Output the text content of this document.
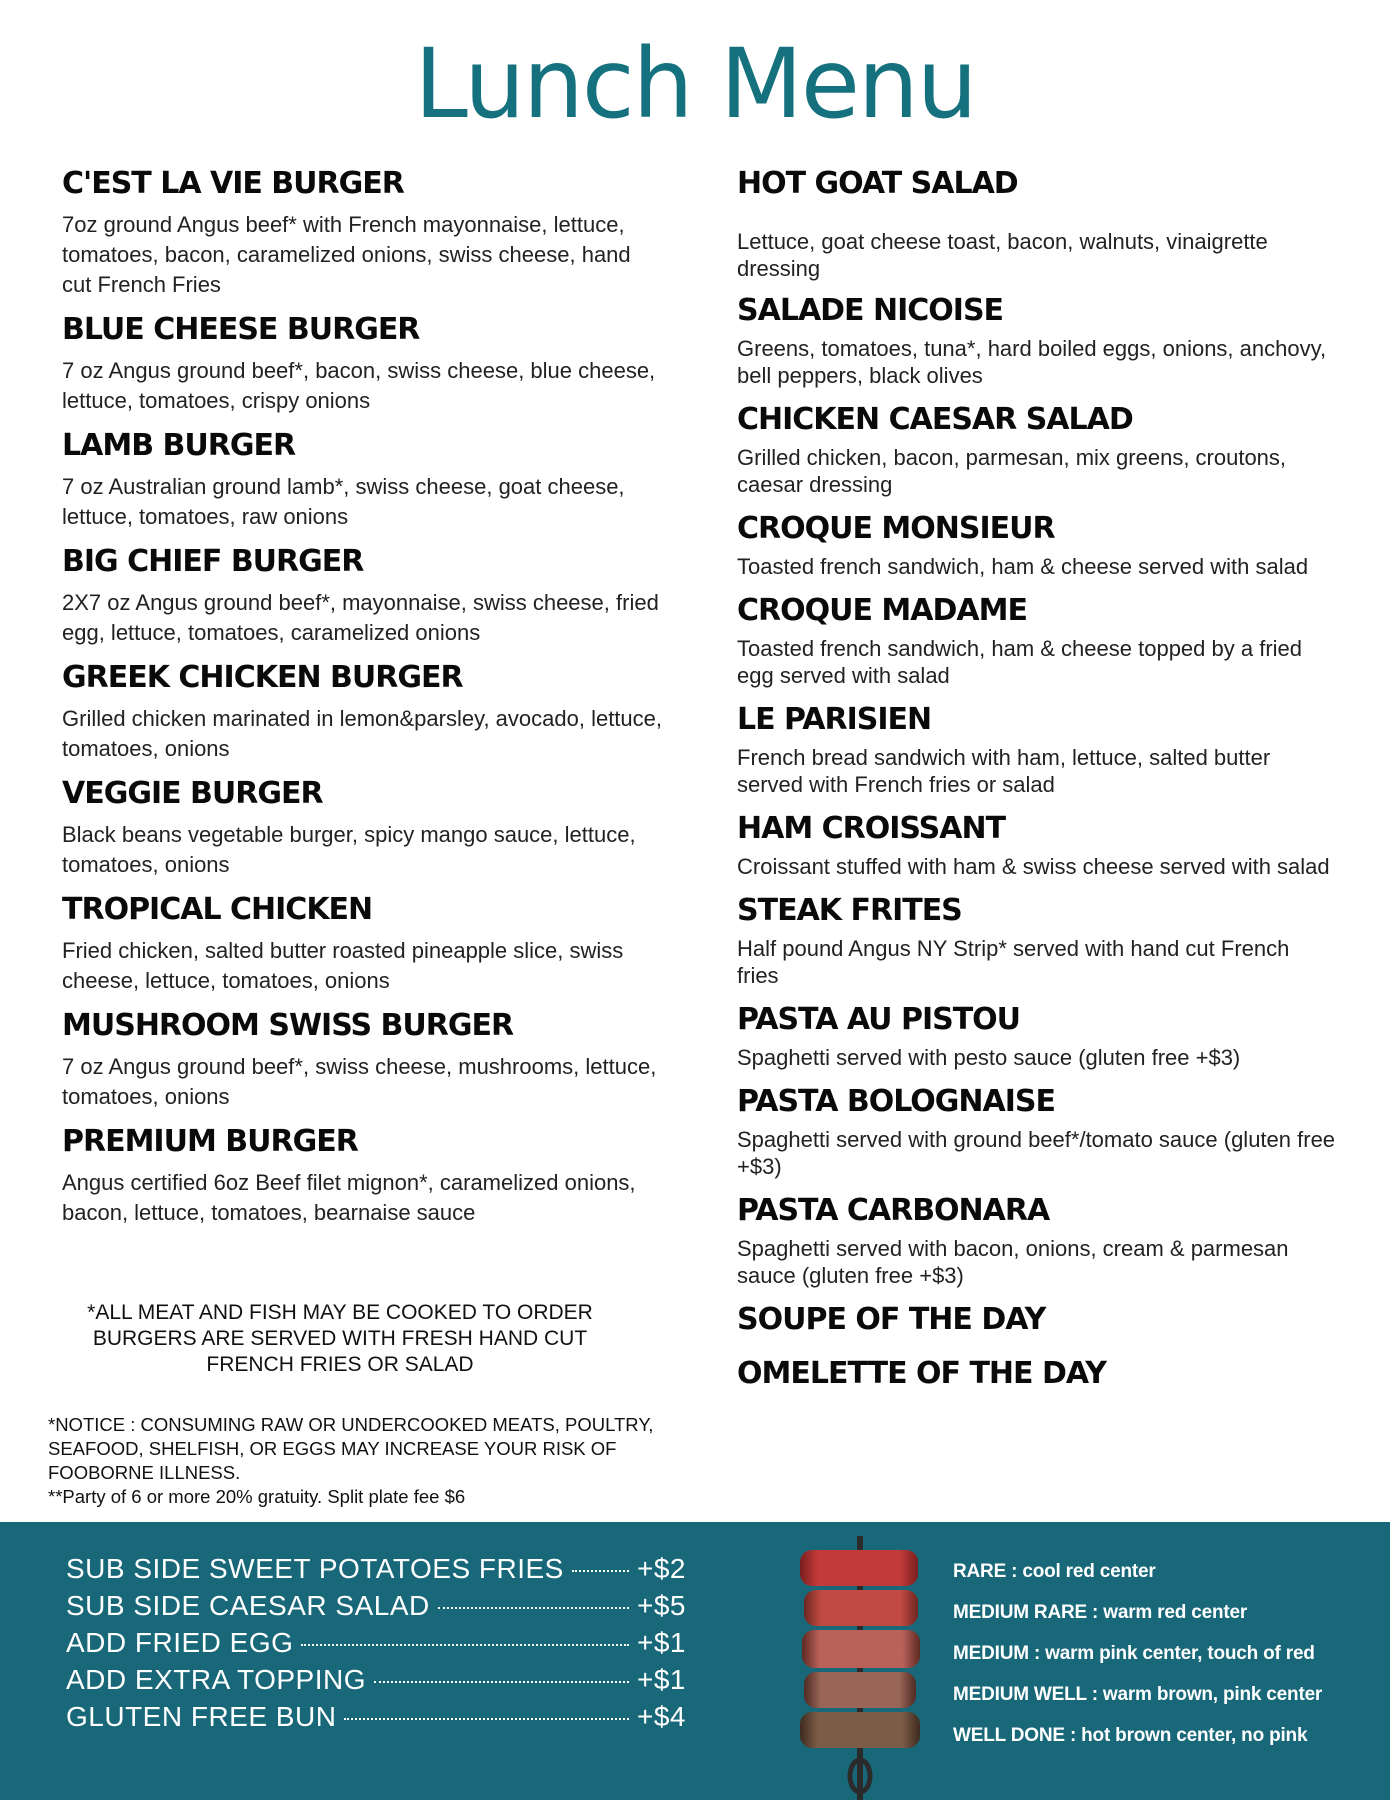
Lunch Menu

C'EST LA VIE BURGER

7oz ground Angus beef* with French mayonnaise, lettuce, tomatoes, bacon, caramelized onions, swiss cheese, hand cut French Fries

BLUE CHEESE BURGER

7 oz Angus ground beef*, bacon, swiss cheese, blue cheese, lettuce, tomatoes, crispy onions

LAMB BURGER

7 oz Australian ground lamb*, swiss cheese, goat cheese, lettuce, tomatoes, raw onions

BIG CHIEF BURGER

2X7 oz Angus ground beef*, mayonnaise, swiss cheese, fried egg, lettuce, tomatoes, caramelized onions

GREEK CHICKEN BURGER

Grilled chicken marinated in lemon&parsley, avocado, lettuce, tomatoes, onions

VEGGIE BURGER

Black beans vegetable burger, spicy mango sauce, lettuce, tomatoes, onions

TROPICAL CHICKEN

Fried chicken, salted butter roasted pineapple slice, swiss cheese, lettuce, tomatoes, onions

MUSHROOM SWISS BURGER

7 oz Angus ground beef*, swiss cheese, mushrooms, lettuce, tomatoes, onions

PREMIUM BURGER

Angus certified 6oz Beef filet mignon*, caramelized onions, bacon, lettuce, tomatoes, bearnaise sauce

HOT GOAT SALAD

Lettuce, goat cheese toast, bacon, walnuts, vinaigrette dressing

SALADE NICOISE

Greens, tomatoes, tuna*, hard boiled eggs, onions, anchovy, bell peppers, black olives

CHICKEN CAESAR SALAD

Grilled chicken, bacon, parmesan, mix greens, croutons, caesar dressing

CROQUE MONSIEUR

Toasted french sandwich, ham & cheese served with salad

CROQUE MADAME

Toasted french sandwich, ham & cheese topped by a fried egg served with salad

LE PARISIEN

French bread sandwich with ham, lettuce, salted butter served with French fries or salad

HAM CROISSANT

Croissant stuffed with ham & swiss cheese served with salad

STEAK FRITES

Half pound Angus NY Strip* served with hand cut French fries

PASTA AU PISTOU

Spaghetti served with pesto sauce (gluten free +$3)

PASTA BOLOGNAISE

Spaghetti served with ground beef*/tomato sauce (gluten free +$3)

PASTA CARBONARA

Spaghetti served with bacon, onions, cream & parmesan sauce (gluten free +$3)

SOUPE OF THE DAY

OMELETTE OF THE DAY

*ALL MEAT AND FISH MAY BE COOKED TO ORDER
BURGERS ARE SERVED WITH FRESH HAND CUT
FRENCH FRIES OR SALAD
*NOTICE : CONSUMING RAW OR UNDERCOOKED MEATS, POULTRY, SEAFOOD, SHELFISH, OR EGGS MAY INCREASE YOUR RISK OF FOOBORNE ILLNESS.
**Party of 6 or more 20% gratuity. Split plate fee $6
SUB SIDE SWEET POTATOES FRIES	+$2
SUB SIDE CAESAR SALAD	+$5
ADD FRIED EGG	+$1
ADD EXTRA TOPPING	+$1
GLUTEN FREE BUN	+$4
RARE : cool red center
MEDIUM RARE : warm red center
MEDIUM : warm pink center, touch of red
MEDIUM WELL : warm brown, pink center
WELL DONE : hot brown center, no pink
